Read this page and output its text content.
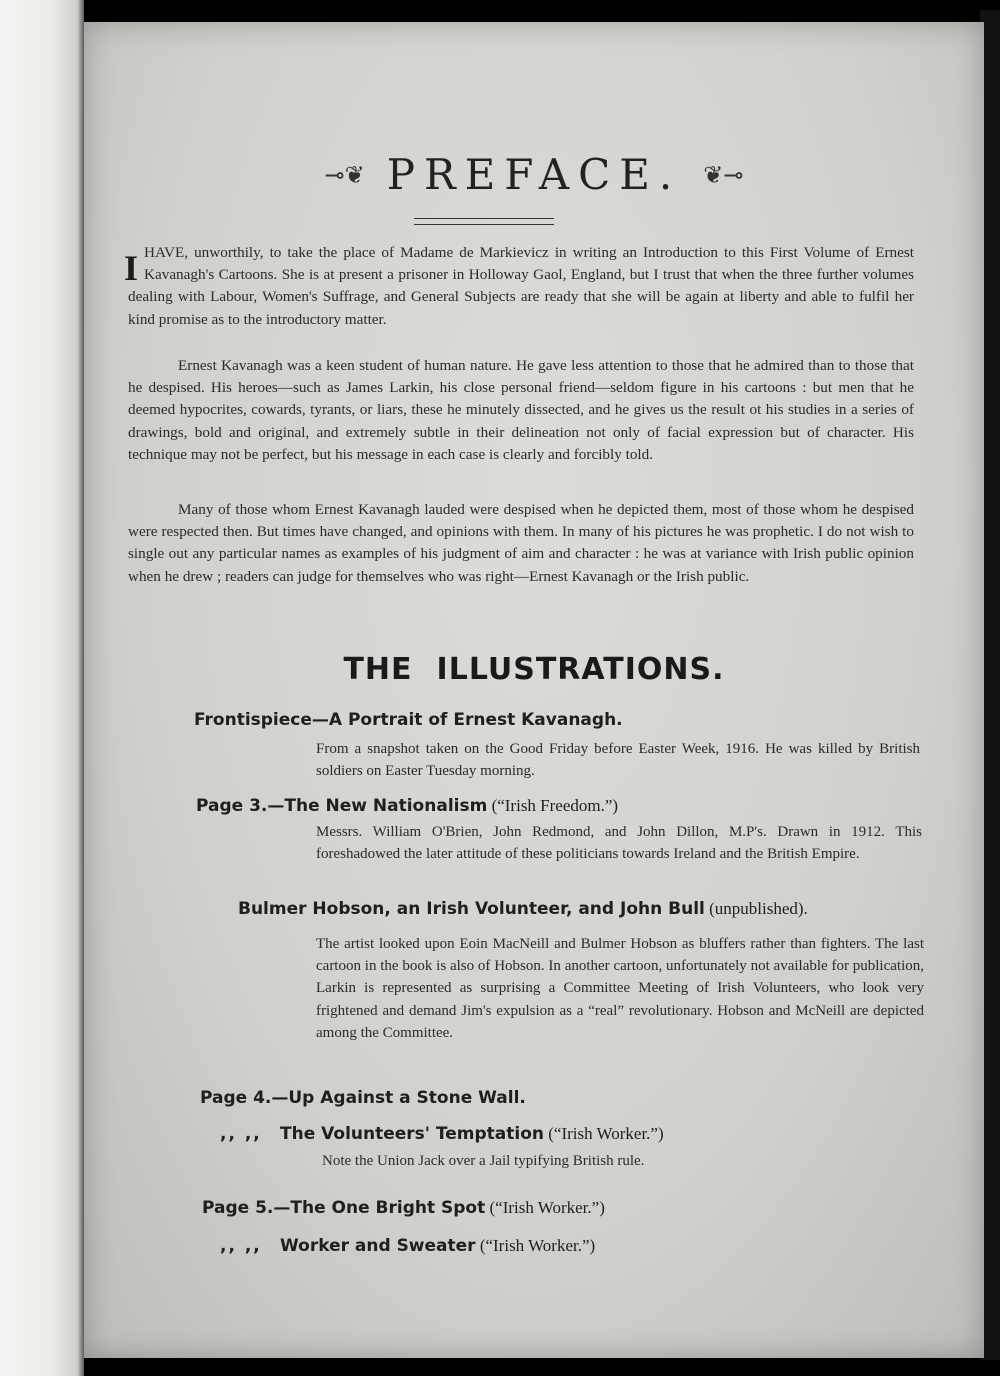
⊸❦ PREFACE. ❦⊸
IHAVE, unworthily, to take the place of Madame de Markievicz in writing an Introduction to this First Volume of Ernest Kavanagh's Cartoons. She is at present a prisoner in Holloway Gaol, England, but I trust that when the three further volumes dealing with Labour, Women's Suffrage, and General Subjects are ready that she will be again at liberty and able to fulfil her kind promise as to the introductory matter.
Ernest Kavanagh was a keen student of human nature. He gave less attention to those that he admired than to those that he despised. His heroes—such as James Larkin, his close personal friend—seldom figure in his cartoons : but men that he deemed hypocrites, cowards, tyrants, or liars, these he minutely dissected, and he gives us the result ot his studies in a series of drawings, bold and original, and extremely subtle in their delineation not only of facial expression but of character. His technique may not be perfect, but his message in each case is clearly and forcibly told.
Many of those whom Ernest Kavanagh lauded were despised when he depicted them, most of those whom he despised were respected then. But times have changed, and opinions with them. In many of his pictures he was prophetic. I do not wish to single out any particular names as examples of his judgment of aim and character : he was at variance with Irish public opinion when he drew ; readers can judge for themselves who was right—Ernest Kavanagh or the Irish public.
THE ILLUSTRATIONS.
Frontispiece—A Portrait of Ernest Kavanagh.
From a snapshot taken on the Good Friday before Easter Week, 1916. He was killed by British soldiers on Easter Tuesday morning.
Page 3.—The New Nationalism (“Irish Freedom.”)
Messrs. William O'Brien, John Redmond, and John Dillon, M.P's. Drawn in 1912. This foreshadowed the later attitude of these politicians towards Ireland and the British Empire.
Bulmer Hobson, an Irish Volunteer, and John Bull (unpublished).
The artist looked upon Eoin MacNeill and Bulmer Hobson as bluffers rather than fighters. The last cartoon in the book is also of Hobson. In another cartoon, unfortunately not available for publication, Larkin is represented as surprising a Committee Meeting of Irish Volunteers, who look very frightened and demand Jim's expulsion as a “real” revolutionary. Hobson and McNeill are depicted among the Committee.
Page 4.—Up Against a Stone Wall.
,, ,, The Volunteers' Temptation (“Irish Worker.”)
Note the Union Jack over a Jail typifying British rule.
Page 5.—The One Bright Spot (“Irish Worker.”)
,, ,, Worker and Sweater (“Irish Worker.”)
